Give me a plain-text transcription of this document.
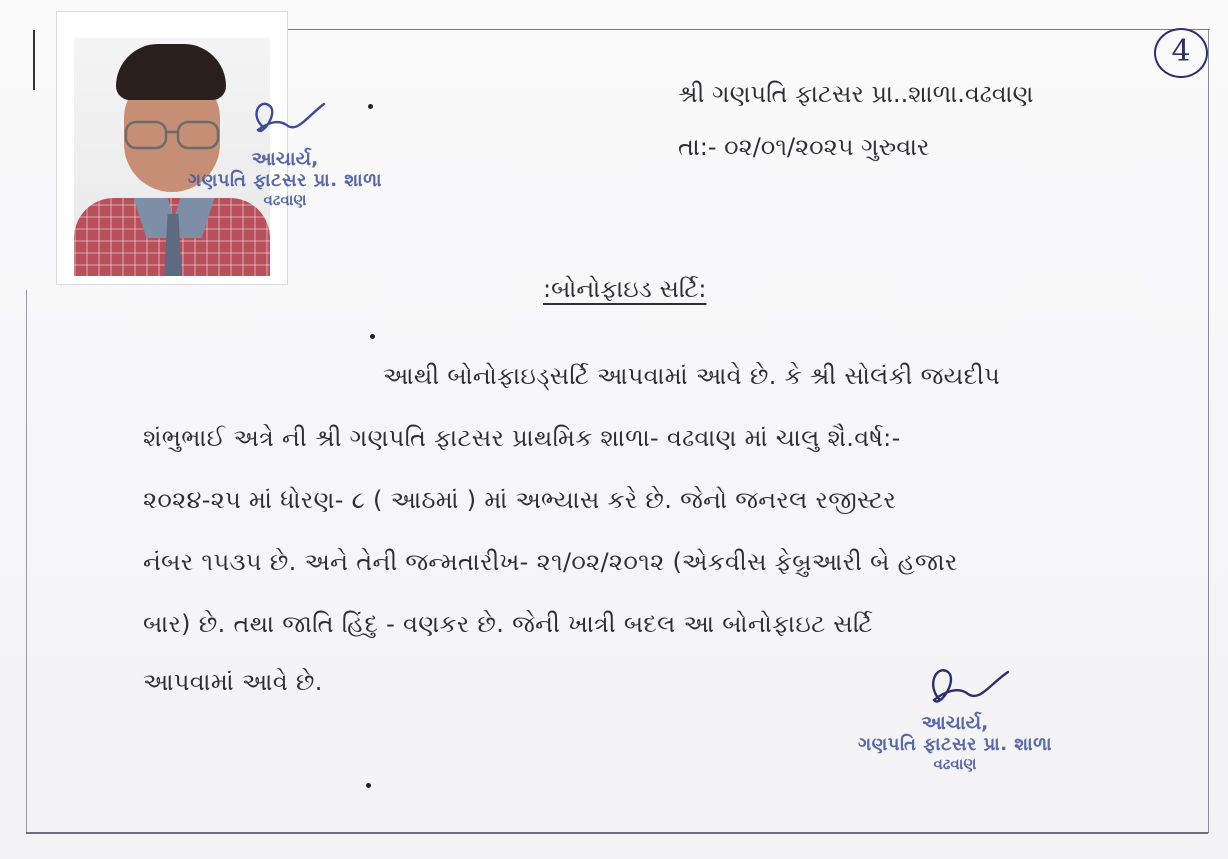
આચાર્ય,
ગણપતિ ફાટસર પ્રા. શાળા
વઢવાણ
4
શ્રી ગણપતિ ફાટસર પ્રા..શાળા.વઢવાણ
તા:- ૦૨/૦૧/૨૦૨૫ ગુરુવાર
:બોનોફાઇડ સર્ટિ:
આથી બોનોફાઇડ્સર્ટિ આપવામાં આવે છે. કે શ્રી સોલંકી જયદીપ
શંભુભાઈ અત્રે ની શ્રી ગણપતિ ફાટસર પ્રાથમિક શાળા- વઢવાણ માં ચાલુ શૈ.વર્ષ:-
૨૦૨૪-૨૫ માં ધોરણ- ૮ ( આઠમાં ) માં અભ્યાસ કરે છે. જેનો જનરલ રજીસ્ટર
નંબર ૧૫૩૫ છે. અને તેની જન્મતારીખ- ૨૧/૦૨/૨૦૧૨ (એકવીસ ફેબ્રુઆરી બે હજાર
બાર) છે. તથા જાતિ હિંદુ - વણકર છે. જેની ખાત્રી બદલ આ બોનોફાઇટ સર્ટિ
આપવામાં આવે છે.
આચાર્ય,
ગણપતિ ફાટસર પ્રા. શાળા
વઢવાણ
